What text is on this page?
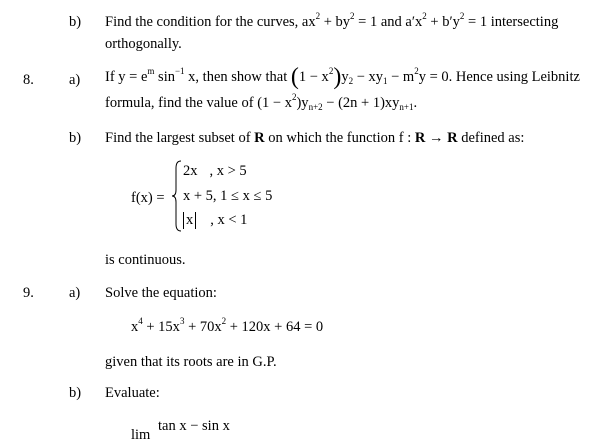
b) Find the condition for the curves, $ax^2 + by^2 = 1$ and $a'x^2 + b'y^2 = 1$ intersecting
orthogonally.
8. a) If $y = e^m$ $\sin^{-1} x$, then show that $(1 - x^2)y_2 - xy_1 - m^2y = 0$. Hence using Leibnitz
formula, find the value of $(1 - x^2)y_{n+2} - (2n + 1)xy_{n+1}$.
b) Find the largest subset of R on which the function f : R → R defined as:
f(x) =
2x , x > 5
x + 5, 1 ≤ x ≤ 5
x , x < 1
is continuous.
9. a) Solve the equation:
$x^4 + 15x^3 + 70x^2 + 120x + 64 = 0$
given that its roots are in G.P.
b) Evaluate:
tan x − sin x
lim
